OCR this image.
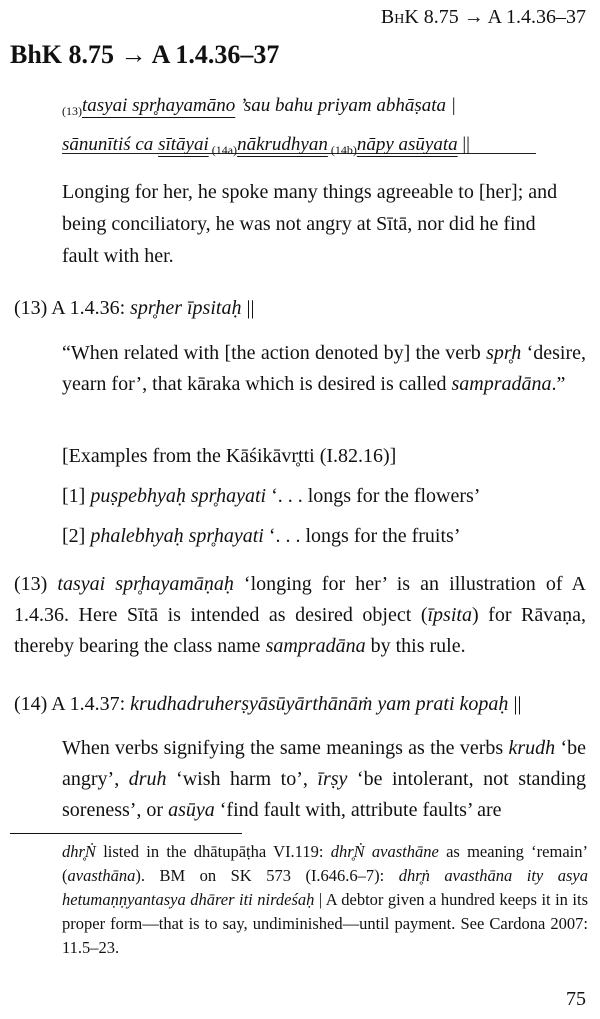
BhK 8.75 → A 1.4.36–37
BhK 8.75 → A 1.4.36–37
$_{(13)}$tasyai spr̥hayamāno ’sau bahu priyam abhāṣata |
sānunītiś ca sītāyai $_{(14a)}$nākrudhyan $_{(14b)}$nāpy asūyata ||
Longing for her, he spoke many things agreeable to [her]; and being conciliatory, he was not angry at Sītā, nor did he find fault with her.
(13) A 1.4.36: spr̥her īpsitaḥ ||
“When related with [the action denoted by] the verb spr̥h ‘desire, yearn for’, that kāraka which is desired is called sampradāna.”
[Examples from the Kāśikāvr̥tti (I.82.16)]
[1] puṣpebhyaḥ spr̥hayati ‘. . . longs for the flowers’
[2] phalebhyaḥ spr̥hayati ‘. . . longs for the fruits’
(13) tasyai spr̥hayamāṇaḥ ‘longing for her’ is an illustration of A 1.4.36. Here Sītā is intended as desired object (īpsita) for Rāvaṇa, thereby bearing the class name sampradāna by this rule.
(14) A 1.4.37: krudhadruherṣyāsūyārthānāṁ yam prati kopaḥ ||
When verbs signifying the same meanings as the verbs krudh ‘be angry’, druh ‘wish harm to’, īrṣy ‘be intolerant, not standing soreness’, or asūya ‘find fault with, attribute faults’ are
dhr̥Ṅ listed in the dhātupāṭha VI.119: dhr̥Ṅ avasthāne as meaning ‘remain’ (avasthāna). BM on SK 573 (I.646.6–7): dhr̥ṅ avasthāna ity asya hetumaṇṇyantasya dhārer iti nirdeśaḥ | A debtor given a hundred keeps it in its proper form—that is to say, undiminished—until payment. See Cardona 2007: 11.5–23.
75
